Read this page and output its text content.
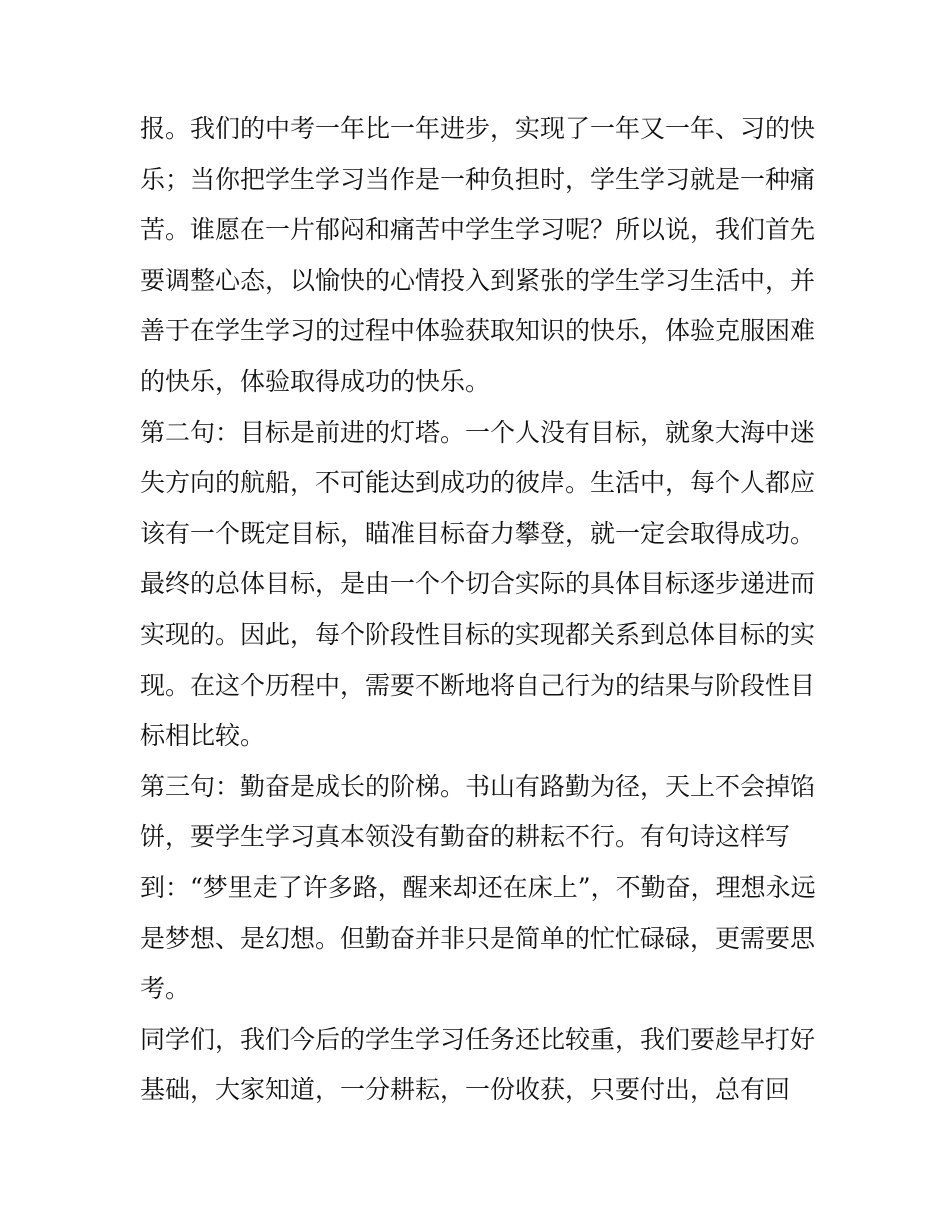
报。我们的中考一年比一年进步，实现了一年又一年、习的快
乐；当你把学生学习当作是一种负担时，学生学习就是一种痛
苦。谁愿在一片郁闷和痛苦中学生学习呢？所以说，我们首先
要调整心态，以愉快的心情投入到紧张的学生学习生活中，并
善于在学生学习的过程中体验获取知识的快乐，体验克服困难
的快乐，体验取得成功的快乐。
第二句：目标是前进的灯塔。一个人没有目标，就象大海中迷
失方向的航船，不可能达到成功的彼岸。生活中，每个人都应
该有一个既定目标，瞄准目标奋力攀登，就一定会取得成功。
最终的总体目标，是由一个个切合实际的具体目标逐步递进而
实现的。因此，每个阶段性目标的实现都关系到总体目标的实
现。在这个历程中，需要不断地将自己行为的结果与阶段性目
标相比较。
第三句：勤奋是成长的阶梯。书山有路勤为径，天上不会掉馅
饼，要学生学习真本领没有勤奋的耕耘不行。有句诗这样写
到：“梦里走了许多路，醒来却还在床上”，不勤奋，理想永远
是梦想、是幻想。但勤奋并非只是简单的忙忙碌碌，更需要思
考。
同学们，我们今后的学生学习任务还比较重，我们要趁早打好
基础，大家知道，一分耕耘，一份收获，只要付出，总有回
